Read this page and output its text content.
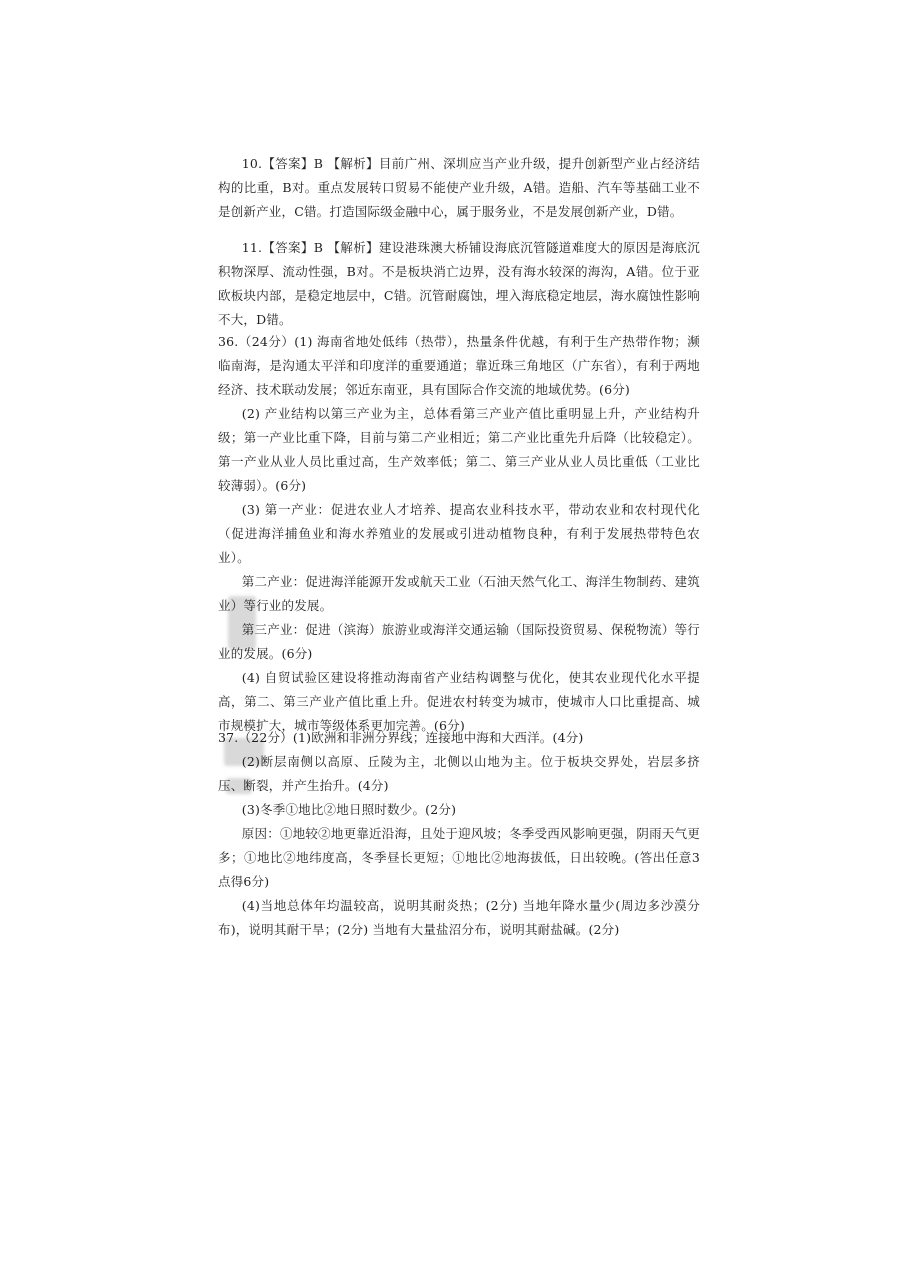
10.【答案】B 【解析】目前广州、深圳应当产业升级，提升创新型产业占经济结构的比重，B对。重点发展转口贸易不能使产业升级，A错。造船、汽车等基础工业不是创新产业，C错。打造国际级金融中心，属于服务业，不是发展创新产业，D错。

11.【答案】B 【解析】建设港珠澳大桥铺设海底沉管隧道难度大的原因是海底沉积物深厚、流动性强，B对。不是板块消亡边界，没有海水较深的海沟，A错。位于亚欧板块内部，是稳定地层中，C错。沉管耐腐蚀，埋入海底稳定地层，海水腐蚀性影响不大，D错。

36.（24分）(1) 海南省地处低纬（热带），热量条件优越，有利于生产热带作物；濒临南海，是沟通太平洋和印度洋的重要通道；靠近珠三角地区（广东省），有利于两地经济、技术联动发展；邻近东南亚，具有国际合作交流的地域优势。(6分)

(2) 产业结构以第三产业为主，总体看第三产业产值比重明显上升，产业结构升级；第一产业比重下降，目前与第二产业相近；第二产业比重先升后降（比较稳定）。第一产业从业人员比重过高，生产效率低；第二、第三产业从业人员比重低（工业比较薄弱）。(6分)

(3) 第一产业：促进农业人才培养、提高农业科技水平，带动农业和农村现代化（促进海洋捕鱼业和海水养殖业的发展或引进动植物良种，有利于发展热带特色农业）。

第二产业：促进海洋能源开发或航天工业（石油天然气化工、海洋生物制药、建筑业）等行业的发展。

第三产业：促进（滨海）旅游业或海洋交通运输（国际投资贸易、保税物流）等行业的发展。(6分)

(4) 自贸试验区建设将推动海南省产业结构调整与优化，使其农业现代化水平提高，第二、第三产业产值比重上升。促进农村转变为城市，使城市人口比重提高、城市规模扩大，城市等级体系更加完善。(6分)

37.（22分）(1)欧洲和非洲分界线；连接地中海和大西洋。(4分)

(2)断层南侧以高原、丘陵为主，北侧以山地为主。位于板块交界处，岩层多挤压、断裂，并产生抬升。(4分)

(3)冬季①地比②地日照时数少。(2分)

原因：①地较②地更靠近沿海，且处于迎风坡；冬季受西风影响更强，阴雨天气更多；①地比②地纬度高，冬季昼长更短；①地比②地海拔低，日出较晚。(答出任意3点得6分)

(4)当地总体年均温较高，说明其耐炎热；(2分) 当地年降水量少(周边多沙漠分布)，说明其耐干旱；(2分) 当地有大量盐沼分布，说明其耐盐碱。(2分)
